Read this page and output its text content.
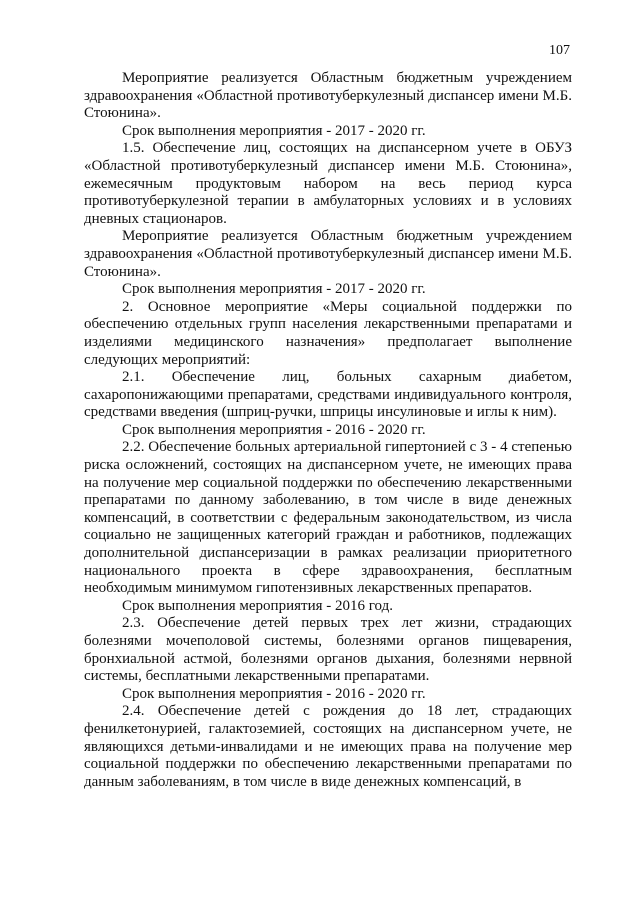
107

Мероприятие реализуется Областным бюджетным учреждением здравоохранения «Областной противотуберкулезный диспансер имени М.Б. Стоюнина».

Срок выполнения мероприятия - 2017 - 2020 гг.

1.5. Обеспечение лиц, состоящих на диспансерном учете в ОБУЗ «Областной противотуберкулезный диспансер имени М.Б. Стоюнина», ежемесячным продуктовым набором на весь период курса противотуберкулезной терапии в амбулаторных условиях и в условиях дневных стационаров.

Мероприятие реализуется Областным бюджетным учреждением здравоохранения «Областной противотуберкулезный диспансер имени М.Б. Стоюнина».

Срок выполнения мероприятия - 2017 - 2020 гг.

2. Основное мероприятие «Меры социальной поддержки по обеспечению отдельных групп населения лекарственными препаратами и изделиями медицинского назначения» предполагает выполнение следующих мероприятий:

2.1. Обеспечение лиц, больных сахарным диабетом, сахаропонижающими препаратами, средствами индивидуального контроля, средствами введения (шприц-ручки, шприцы инсулиновые и иглы к ним).

Срок выполнения мероприятия - 2016 - 2020 гг.

2.2. Обеспечение больных артериальной гипертонией с 3 - 4 степенью риска осложнений, состоящих на диспансерном учете, не имеющих права на получение мер социальной поддержки по обеспечению лекарственными препаратами по данному заболеванию, в том числе в виде денежных компенсаций, в соответствии с федеральным законодательством, из числа социально не защищенных категорий граждан и работников, подлежащих дополнительной диспансеризации в рамках реализации приоритетного национального проекта в сфере здравоохранения, бесплатным необходимым минимумом гипотензивных лекарственных препаратов.

Срок выполнения мероприятия - 2016 год.

2.3. Обеспечение детей первых трех лет жизни, страдающих болезнями мочеполовой системы, болезнями органов пищеварения, бронхиальной астмой, болезнями органов дыхания, болезнями нервной системы, бесплатными лекарственными препаратами.

Срок выполнения мероприятия - 2016 - 2020 гг.

2.4. Обеспечение детей с рождения до 18 лет, страдающих фенилкетонурией, галактоземией, состоящих на диспансерном учете, не являющихся детьми-инвалидами и не имеющих права на получение мер социальной поддержки по обеспечению лекарственными препаратами по данным заболеваниям, в том числе в виде денежных компенсаций, в
